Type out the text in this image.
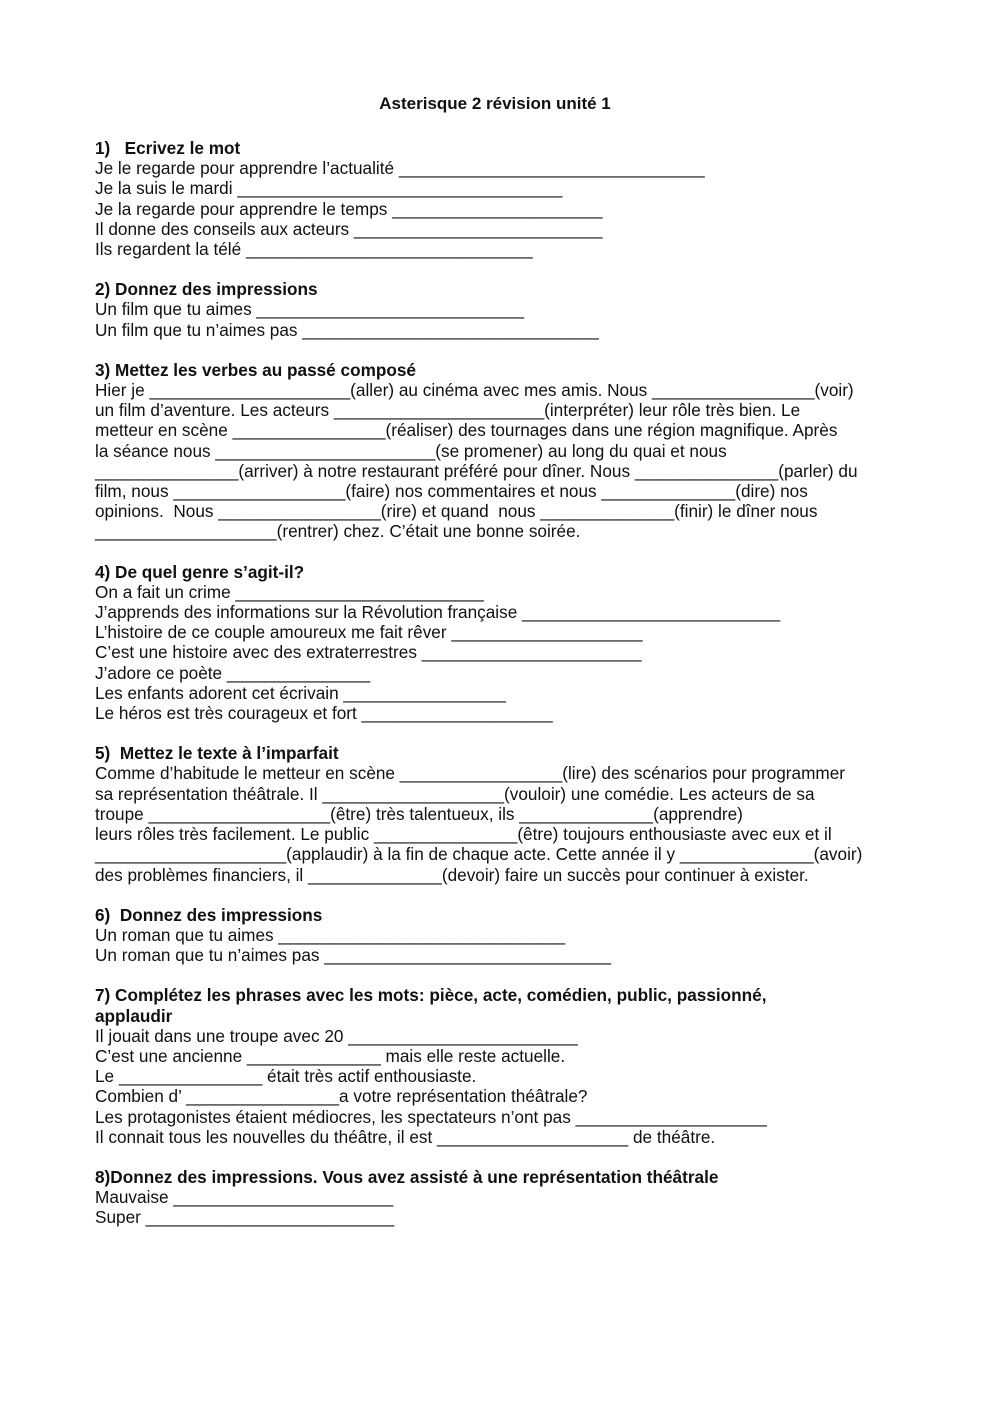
Asterisque 2 révision unité 1
1)   Ecrivez le mot
Je le regarde pour apprendre l’actualité ________________________________
Je la suis le mardi __________________________________
Je la regarde pour apprendre le temps ______________________
Il donne des conseils aux acteurs __________________________
Ils regardent la télé ______________________________
2) Donnez des impressions
Un film que tu aimes ____________________________
Un film que tu n’aimes pas _______________________________
3) Mettez les verbes au passé composé
Hier je _____________________(aller) au cinéma avec mes amis. Nous _________________(voir)
un film d’aventure. Les acteurs ______________________(interpréter) leur rôle très bien. Le
metteur en scène ________________(réaliser) des tournages dans une région magnifique. Après
la séance nous _______________________(se promener) au long du quai et nous
_______________(arriver) à notre restaurant préféré pour dîner. Nous _______________(parler) du
film, nous __________________(faire) nos commentaires et nous ______________(dire) nos
opinions.  Nous _________________(rire) et quand  nous ______________(finir) le dîner nous
___________________(rentrer) chez. C’était une bonne soirée.
4) De quel genre s’agit-il?
On a fait un crime __________________________
J’apprends des informations sur la Révolution française ___________________________
L’histoire de ce couple amoureux me fait rêver ____________________
C’est une histoire avec des extraterrestres _______________________
J’adore ce poète _______________
Les enfants adorent cet écrivain _________________
Le héros est très courageux et fort ____________________
5)  Mettez le texte à l’imparfait
Comme d’habitude le metteur en scène _________________(lire) des scénarios pour programmer
sa représentation théâtrale. Il ___________________(vouloir) une comédie. Les acteurs de sa
troupe ___________________(être) très talentueux, ils ______________(apprendre)
leurs rôles très facilement. Le public _______________(être) toujours enthousiaste avec eux et il
____________________(applaudir) à la fin de chaque acte. Cette année il y ______________(avoir)
des problèmes financiers, il ______________(devoir) faire un succès pour continuer à exister.
6)  Donnez des impressions
Un roman que tu aimes ______________________________
Un roman que tu n’aimes pas ______________________________
7) Complétez les phrases avec les mots: pièce, acte, comédien, public, passionné,
applaudir
Il jouait dans une troupe avec 20 ________________________
C’est une ancienne ______________ mais elle reste actuelle.
Le _______________ était très actif enthousiaste.
Combien d’ ________________a votre représentation théâtrale?
Les protagonistes étaient médiocres, les spectateurs n’ont pas ____________________
Il connait tous les nouvelles du théâtre, il est ____________________ de théâtre.
8)Donnez des impressions. Vous avez assisté à une représentation théâtrale
Mauvaise _______________________
Super __________________________
